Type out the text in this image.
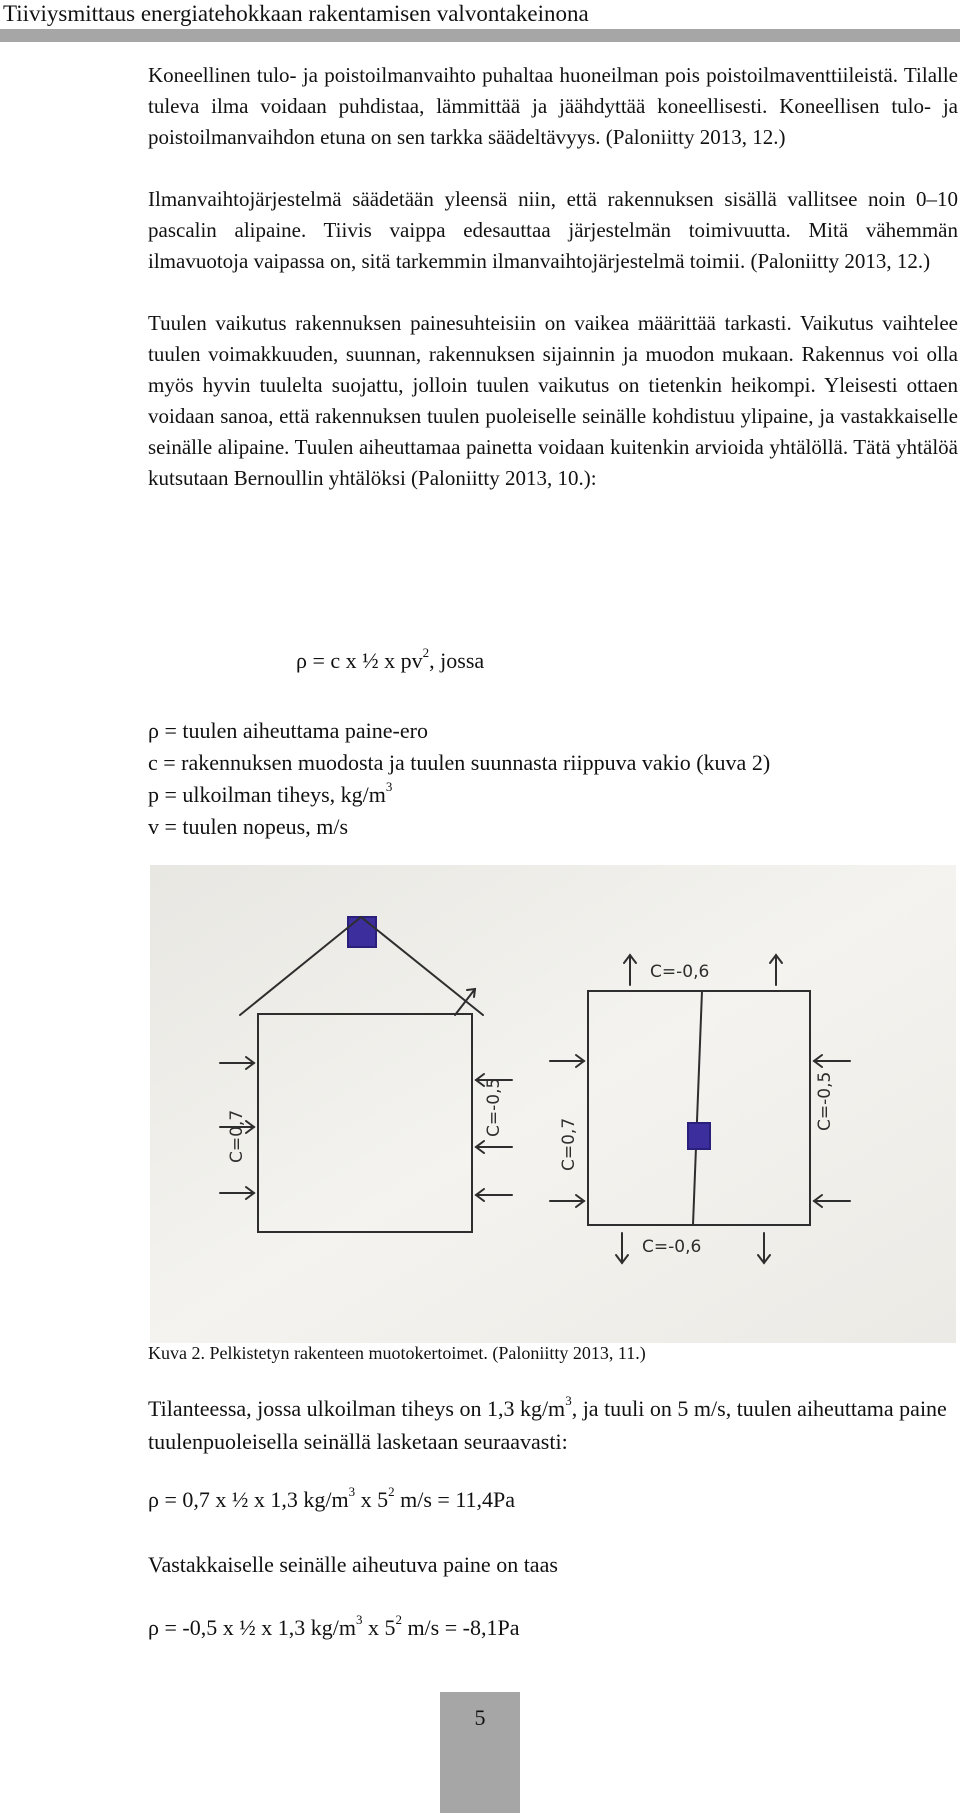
Tiiviysmittaus energiatehokkaan rakentamisen valvontakeinona

Koneellinen tulo- ja poistoilmanvaihto puhaltaa huoneilman pois poistoilmaventtiileistä. Tilalle tuleva ilma voidaan puhdistaa, lämmittää ja jäähdyttää koneellisesti. Koneellisen tulo- ja poistoilmanvaihdon etuna on sen tarkka säädeltävyys. (Paloniitty 2013, 12.)

Ilmanvaihtojärjestelmä säädetään yleensä niin, että rakennuksen sisällä vallitsee noin 0‒10 pascalin alipaine. Tiivis vaippa edesauttaa järjestelmän toimivuutta. Mitä vähemmän ilmavuotoja vaipassa on, sitä tarkemmin ilmanvaihtojärjestelmä toimii. (Paloniitty 2013, 12.)

Tuulen vaikutus rakennuksen painesuhteisiin on vaikea määrittää tarkasti. Vaikutus vaihtelee tuulen voimakkuuden, suunnan, rakennuksen sijainnin ja muodon mukaan. Rakennus voi olla myös hyvin tuulelta suojattu, jolloin tuulen vaikutus on tietenkin heikompi. Yleisesti ottaen voidaan sanoa, että rakennuksen tuulen puoleiselle seinälle kohdistuu ylipaine, ja vastakkaiselle seinälle alipaine. Tuulen aiheuttamaa painetta voidaan kuitenkin arvioida yhtälöllä. Tätä yhtälöä kutsutaan Bernoullin yhtälöksi (Paloniitty 2013, 10.):

ρ = c x ½ x $pv^2$, jossa
ρ = tuulen aiheuttama paine-ero
c = rakennuksen muodosta ja tuulen suunnasta riippuva vakio (kuva 2)
p = ulkoilman tiheys, $kg/m^3$
v = tuulen nopeus, m/s
C=0,7	C=-0,5
C=-0,6
C=-0,6
C=0,7
C=-0,5
Kuva 2. Pelkistetyn rakenteen muotokertoimet. (Paloniitty 2013, 11.)
Tilanteessa, jossa ulkoilman tiheys on 1,3 $kg/m^3$, ja tuuli on 5 m/s, tuulen aiheuttama paine tuulenpuoleisella seinällä lasketaan seuraavasti:
ρ = 0,7 x ½ x 1,3 $kg/m^3$ x $5^2$ m/s = 11,4Pa
Vastakkaiselle seinälle aiheutuva paine on taas
ρ = -0,5 x ½ x 1,3 $kg/m^3$ x $5^2$ m/s = -8,1Pa
5
